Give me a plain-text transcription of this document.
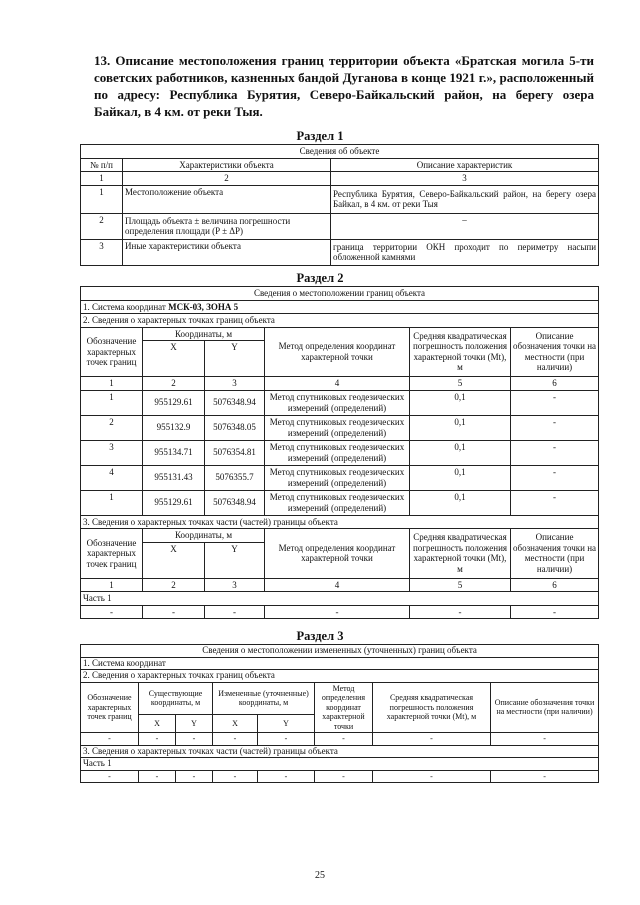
13. Описание местоположения границ территории объекта «Братская могила 5-ти советских работников, казненных бандой Дуганова в конце 1921 г.», расположенный по адресу: Республика Бурятия, Северо-Байкальский район, на берегу озера Байкал, в 4 км. от реки Тыя.
Раздел 1
Сведения об объекте		
№ п/п	Характеристики объекта	Описание характеристик
1	2	3
1	Местоположение объекта	Республика Бурятия, Северо-Байкальский район, на берегу озера Байкал, в 4 км. от реки Тыя
2	Площадь объекта ± величина погрешности определения площади (P ± ΔP)	–
3	Иные характеристики объекта	граница территории ОКН проходит по периметру насыпи обложенной камнями
Раздел 2
Сведения о местоположении границ объекта					
1. Система координат МСК-03, ЗОНА 5					
2. Сведения о характерных точках границ объекта					
Обозначение характерных точек границ	Координаты, м		Метод определения координат характерной точки	Средняя квадратическая погрешность положения характерной точки (Mt), м	Описание обозначения точки на местности (при наличии)
	X	Y			
1	2	3	4	5	6
1	955129.61	5076348.94	Метод спутниковых геодезических измерений (определений)	0,1	-
2	955132.9	5076348.05	Метод спутниковых геодезических измерений (определений)	0,1	-
3	955134.71	5076354.81	Метод спутниковых геодезических измерений (определений)	0,1	-
4	955131.43	5076355.7	Метод спутниковых геодезических измерений (определений)	0,1	-
1	955129.61	5076348.94	Метод спутниковых геодезических измерений (определений)	0,1	-
3. Сведения о характерных точках части (частей) границы объекта					
Обозначение характерных точек границ	Координаты, м		Метод определения координат характерной точки	Средняя квадратическая погрешность положения характерной точки (Mt), м	Описание обозначения точки на местности (при наличии)
	X	Y			
1	2	3	4	5	6
Часть 1					
-	-	-	-	-	-
Раздел 3
Сведения о местоположении измененных (уточненных) границ объекта							
1. Система координат							
2. Сведения о характерных точках границ объекта							
Обозначение характерных точек границ	Существующие координаты, м		Измененные (уточненные) координаты, м		Метод определения координат характерной точки	Средняя квадратическая погрешность положения характерной точки (Mt), м	Описание обозначения точки на местности (при наличии)
	X	Y	X	Y			
-	-	-	-	-	-	-	-
3. Сведения о характерных точках части (частей) границы объекта							
Часть 1							
-	-	-	-	-	-	-	-
25
